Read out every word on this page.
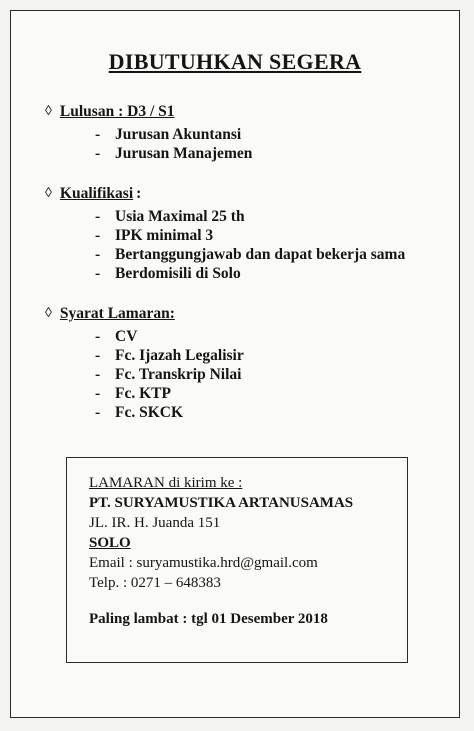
DIBUTUHKAN SEGERA
◊ Lulusan : D3 / S1
- Jurusan Akuntansi
- Jurusan Manajemen
◊ Kualifikasi :
- Usia Maximal 25 th
- IPK minimal 3
- Bertanggungjawab dan dapat bekerja sama
- Berdomisili di Solo
◊ Syarat Lamaran:
- CV
- Fc. Ijazah Legalisir
- Fc. Transkrip Nilai
- Fc. KTP
- Fc. SKCK
LAMARAN di kirim ke :
PT. SURYAMUSTIKA ARTANUSAMAS
JL. IR. H. Juanda 151
SOLO
Email : suryamustika.hrd@gmail.com
Telp. : 0271 – 648383
Paling lambat : tgl 01 Desember 2018
